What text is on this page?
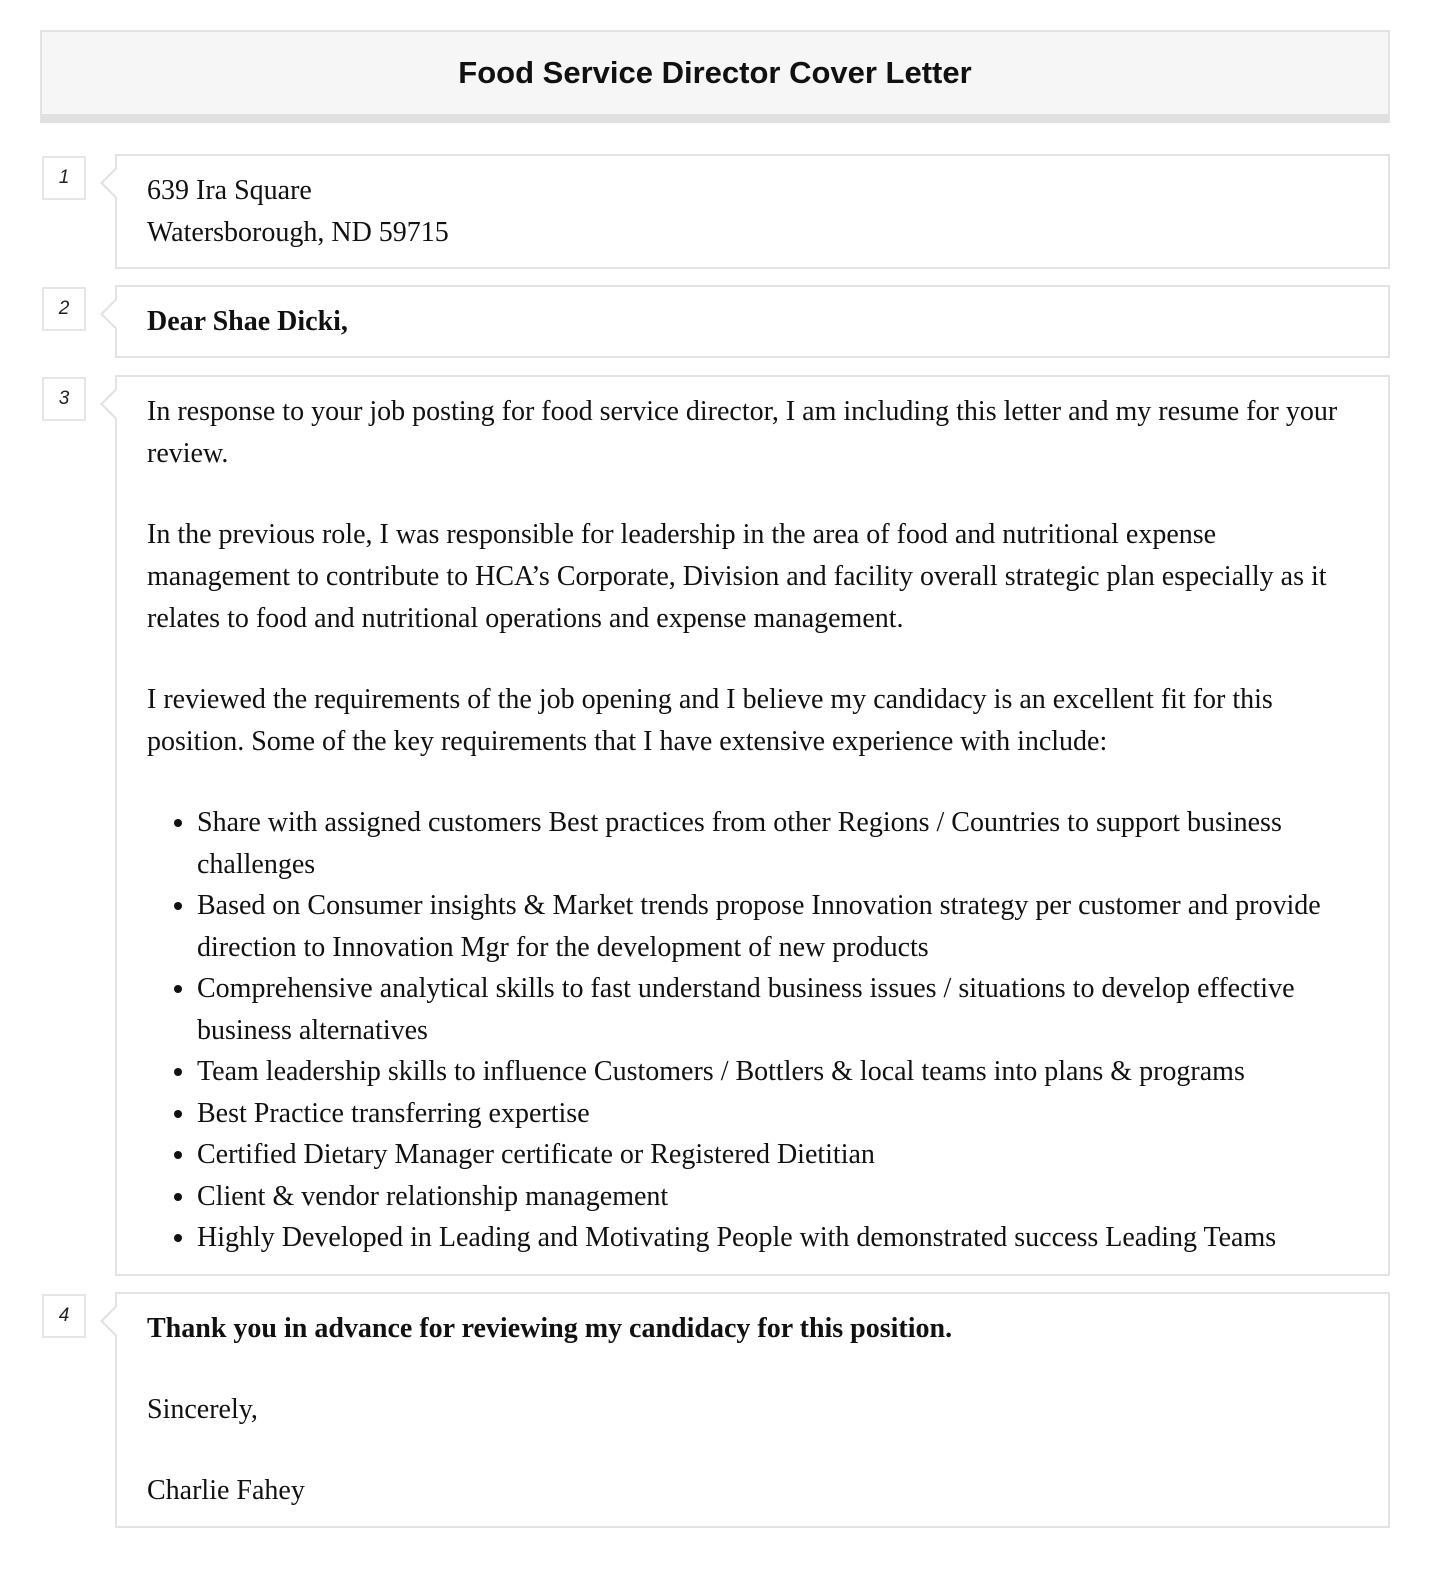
Food Service Director Cover Letter
1	639 Ira Square

Watersborough, ND 59715

2	Dear Shae Dicki,

3	In response to your job posting for food service director, I am including this letter and my resume for your review.

In the previous role, I was responsible for leadership in the area of food and nutritional expense management to contribute to HCA’s Corporate, Division and facility overall strategic plan especially as it relates to food and nutritional operations and expense management.

I reviewed the requirements of the job opening and I believe my candidacy is an excellent fit for this position. Some of the key requirements that I have extensive experience with include:

• Share with assigned customers Best practices from other Regions / Countries to support business challenges
• Based on Consumer insights & Market trends propose Innovation strategy per customer and provide direction to Innovation Mgr for the development of new products
• Comprehensive analytical skills to fast understand business issues / situations to develop effective business alternatives
• Team leadership skills to influence Customers / Bottlers & local teams into plans & programs
• Best Practice transferring expertise
• Certified Dietary Manager certificate or Registered Dietitian
• Client & vendor relationship management
• Highly Developed in Leading and Motivating People with demonstrated success Leading Teams
4	Thank you in advance for reviewing my candidacy for this position.

Sincerely,

Charlie Fahey
